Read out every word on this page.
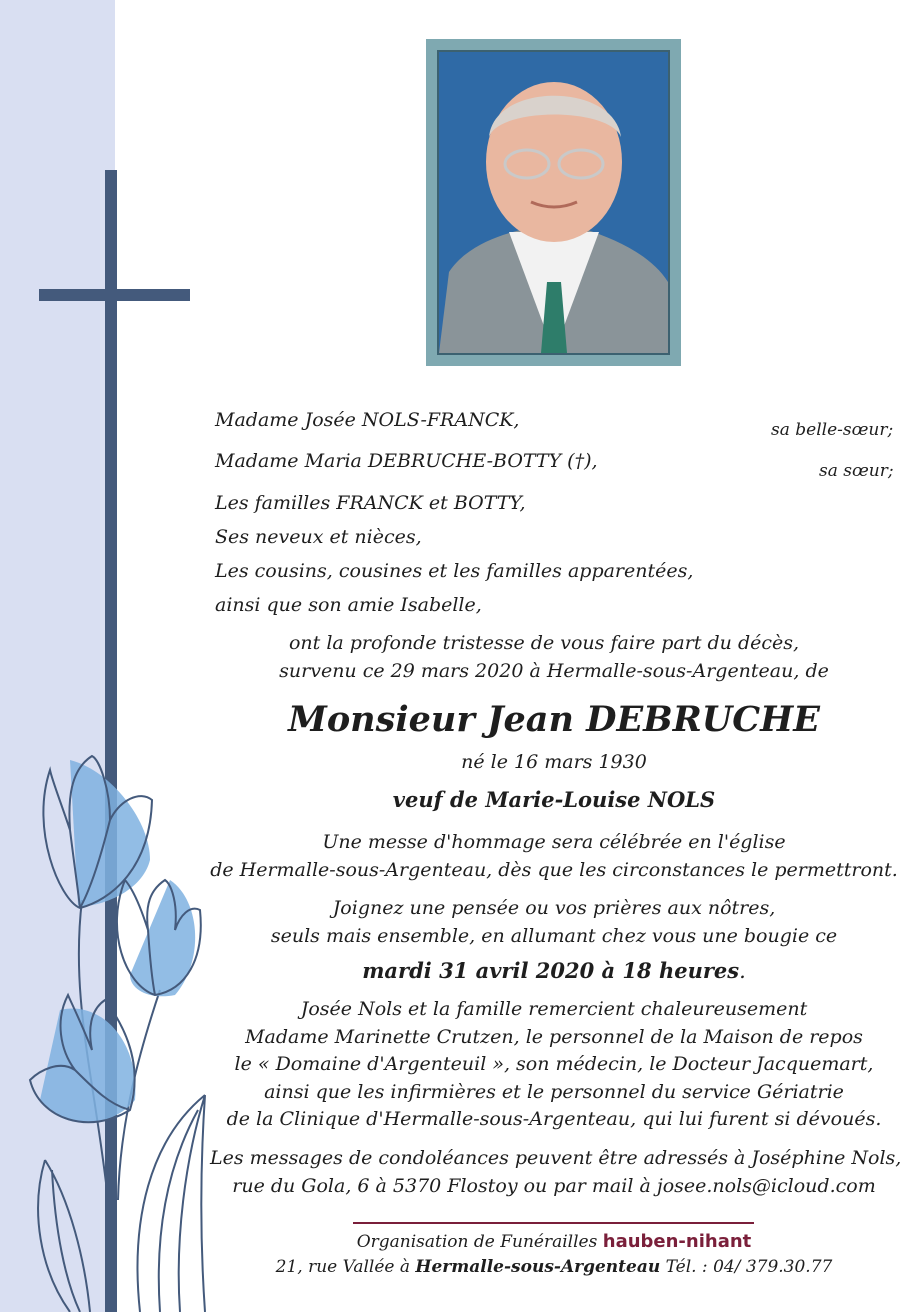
Madame Josée NOLS-FRANCK,	sa belle-sœur;
Madame Maria DEBRUCHE-BOTTY (†),	sa sœur;
Les familles FRANCK et BOTTY,
Ses neveux et nièces,
Les cousins, cousines et les familles apparentées,
ainsi que son amie Isabelle,
ont la profonde tristesse de vous faire part du décès,
survenu ce 29 mars 2020 à Hermalle-sous-Argenteau, de
Monsieur Jean DEBRUCHE
né le 16 mars 1930
veuf de Marie-Louise NOLS
Une messe d'hommage sera célébrée en l'église
de Hermalle-sous-Argenteau, dès que les circonstances le permettront.
Joignez une pensée ou vos prières aux nôtres,
seuls mais ensemble, en allumant chez vous une bougie ce
mardi 31 avril 2020 à 18 heures.
Josée Nols et la famille remercient chaleureusement
Madame Marinette Crutzen, le personnel de la Maison de repos
le « Domaine d'Argenteuil », son médecin, le Docteur Jacquemart,
ainsi que les infirmières et le personnel du service Gériatrie
de la Clinique d'Hermalle-sous-Argenteau, qui lui furent si dévoués.
Les messages de condoléances peuvent être adressés à Joséphine Nols,
rue du Gola, 6 à 5370 Flostoy ou par mail à josee.nols@icloud.com
Organisation de Funérailles hauben-nihant
21, rue Vallée à Hermalle-sous-Argenteau Tél. : 04/ 379.30.77
